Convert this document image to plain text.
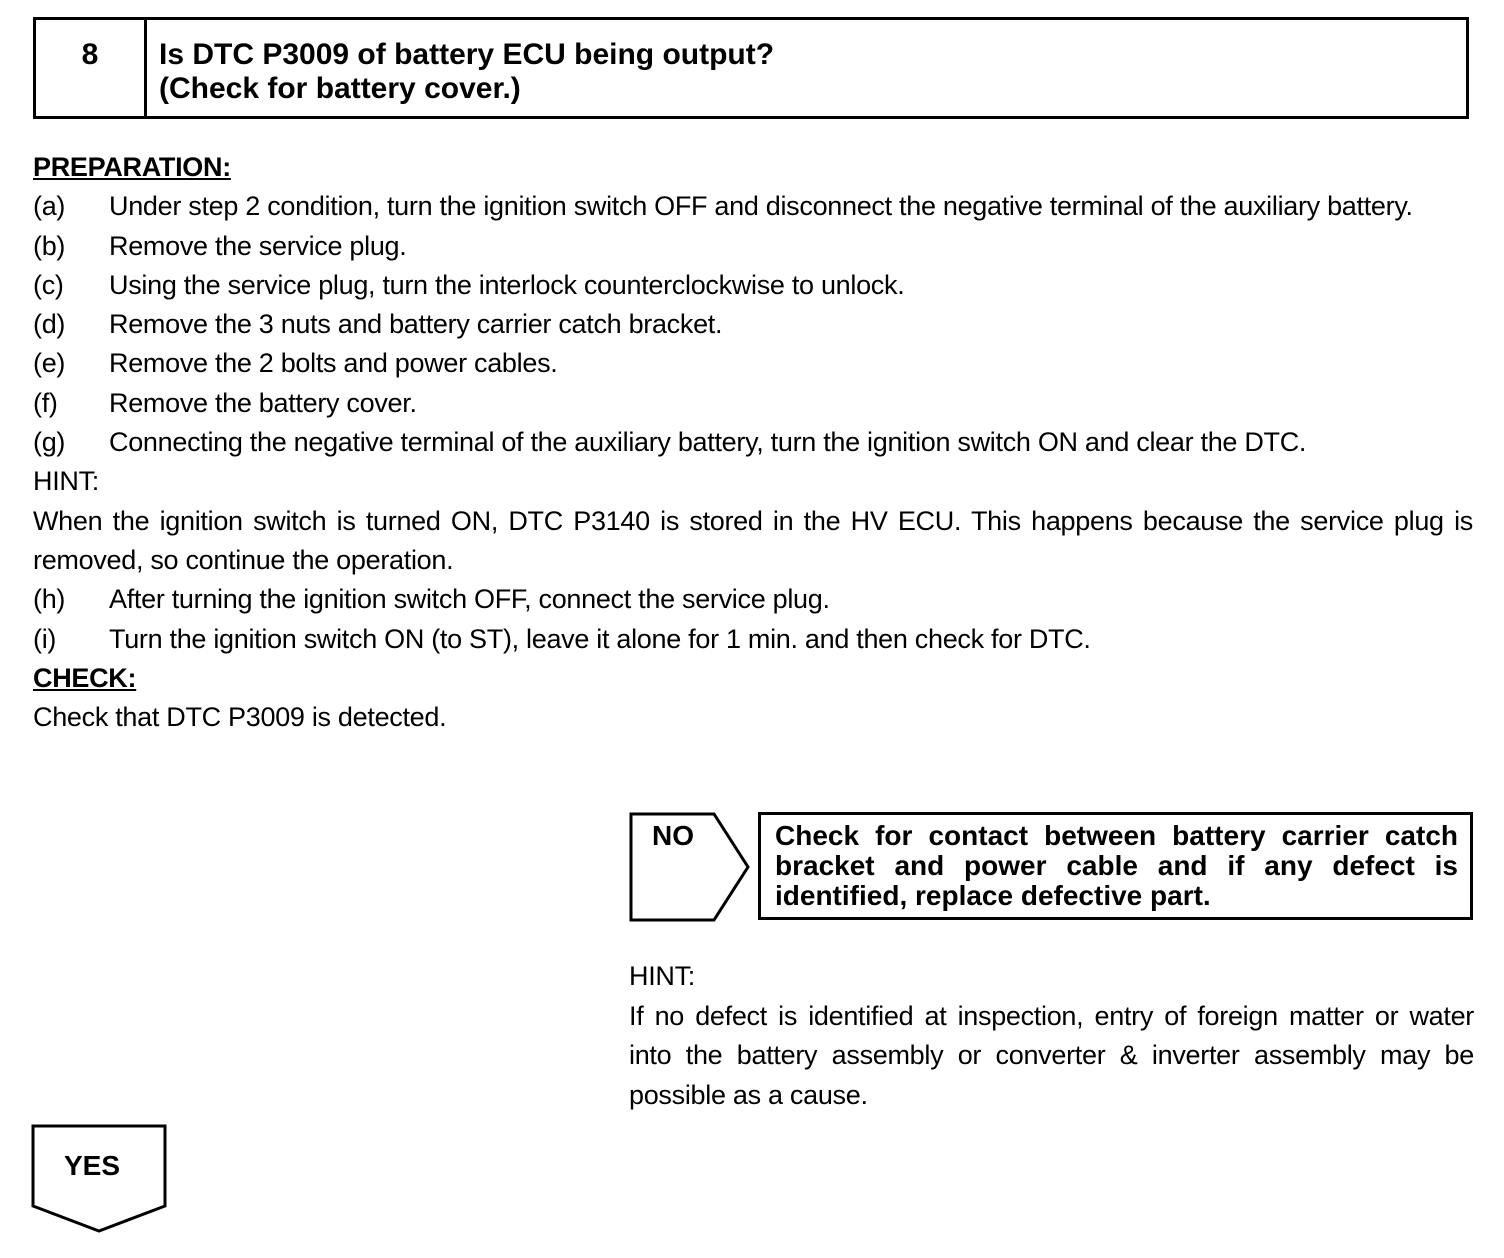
8	Is DTC P3009 of battery ECU being output?
(Check for battery cover.)
PREPARATION:
(a)	Under step 2 condition, turn the ignition switch OFF and disconnect the negative terminal of the auxiliary battery.
(b)	Remove the service plug.
(c)	Using the service plug, turn the interlock counterclockwise to unlock.
(d)	Remove the 3 nuts and battery carrier catch bracket.
(e)	Remove the 2 bolts and power cables.
(f)	Remove the battery cover.
(g)	Connecting the negative terminal of the auxiliary battery, turn the ignition switch ON and clear the DTC.
HINT:
When the ignition switch is turned ON, DTC P3140 is stored in the HV ECU. This happens because the service plug is removed, so continue the operation.
(h)	After turning the ignition switch OFF, connect the service plug.
(i)	Turn the ignition switch ON (to ST), leave it alone for 1 min. and then check for DTC.
CHECK:
Check that DTC P3009 is detected.
NO	Check for contact between battery carrier catch bracket and power cable and if any defect is identified, replace defective part.
HINT:
If no defect is identified at inspection, entry of foreign matter or water into the battery assembly or converter & inverter assembly may be possible as a cause.
YES
